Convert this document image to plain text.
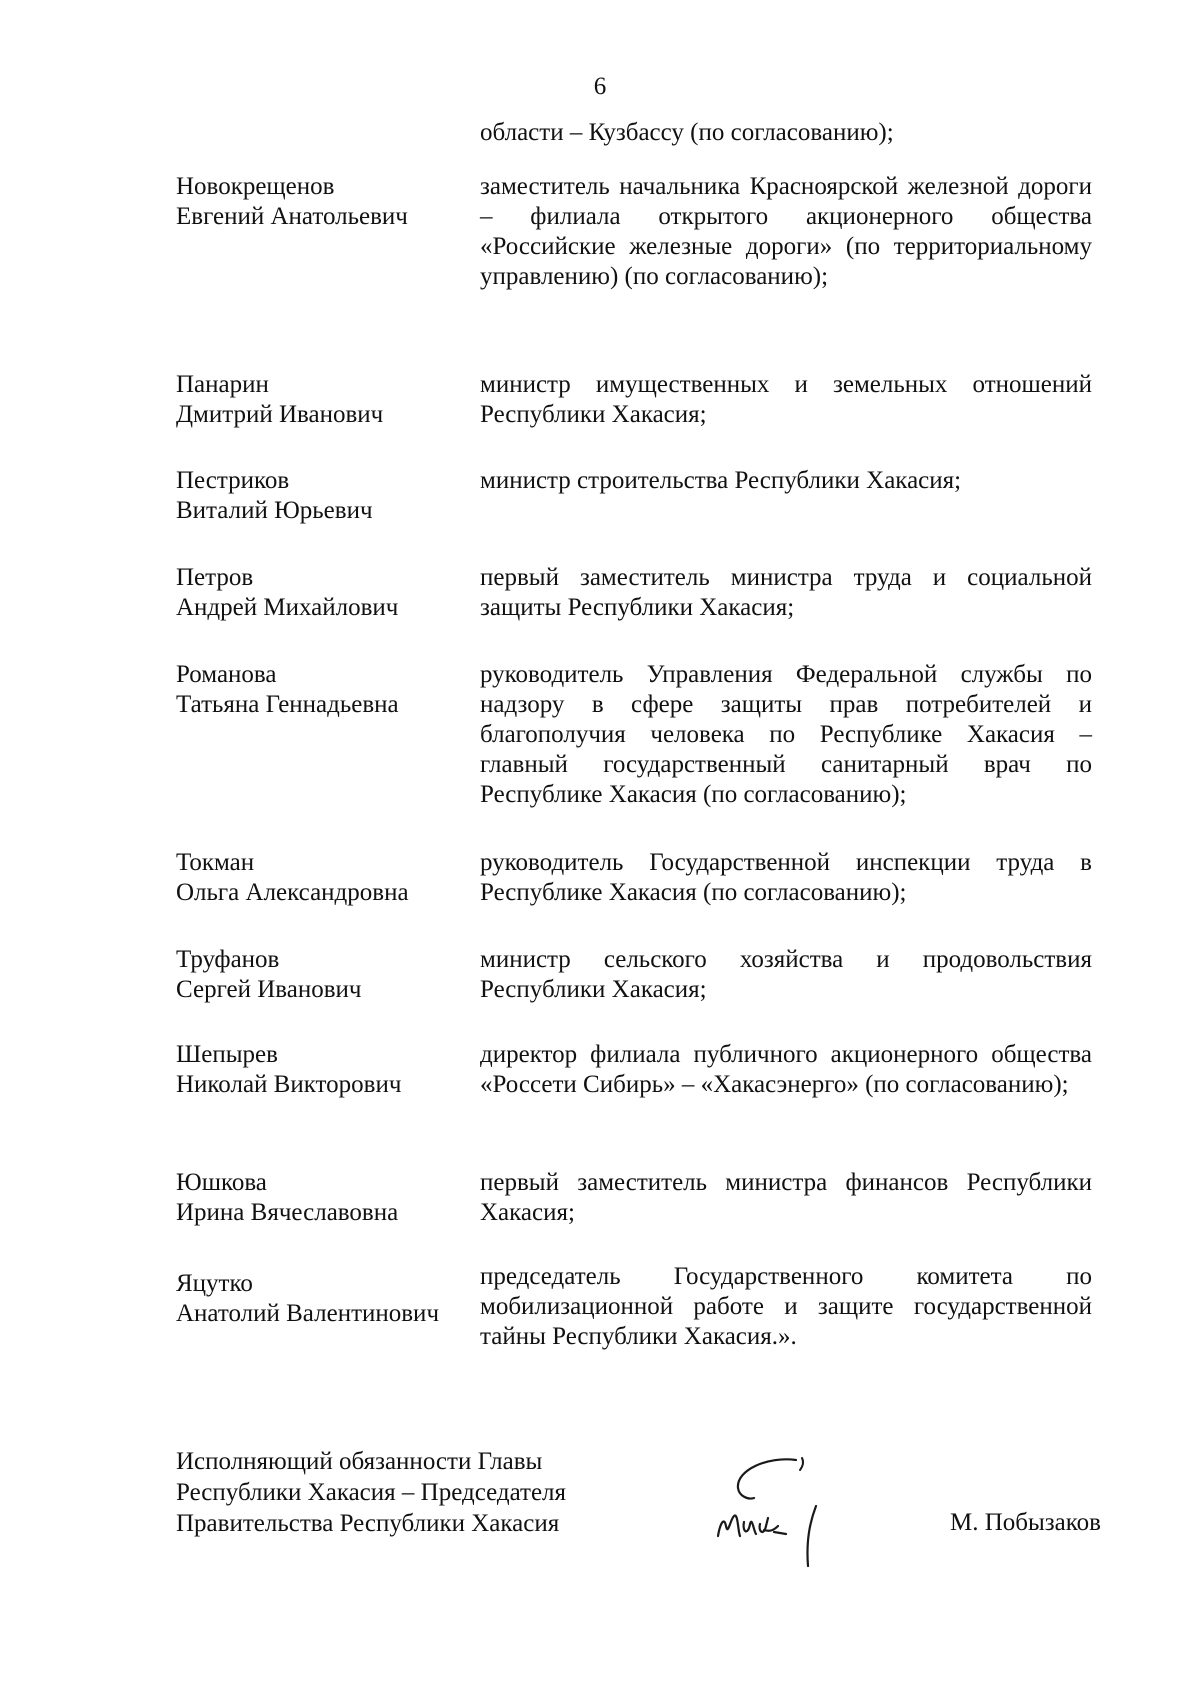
6
области – Кузбассу (по согласованию);
Новокрещенов
Евгений Анатольевич
заместитель начальника Красноярской железной дороги – филиала открытого акционерного общества «Российские железные дороги» (по территориальному управлению) (по согласованию);
Панарин
Дмитрий Иванович
министр имущественных и земельных отношений Республики Хакасия;
Пестриков
Виталий Юрьевич
министр строительства Республики Хакасия;
Петров
Андрей Михайлович
первый заместитель министра труда и социальной защиты Республики Хакасия;
Романова
Татьяна Геннадьевна
руководитель Управления Федеральной службы по надзору в сфере защиты прав потребителей и благополучия человека по Республике Хакасия – главный государственный санитарный врач по Республике Хакасия (по согласованию);
Токман
Ольга Александровна
руководитель Государственной инспекции труда в Республике Хакасия (по согласованию);
Труфанов
Сергей Иванович
министр сельского хозяйства и продовольствия Республики Хакасия;
Шепырев
Николай Викторович
директор филиала публичного акционерного общества «Россети Сибирь» – «Хакасэнерго» (по согласованию);
Юшкова
Ирина Вячеславовна
первый заместитель министра финансов Республики Хакасия;
Яцутко
Анатолий Валентинович
председатель Государственного комитета по мобилизационной работе и защите государственной тайны Республики Хакасия.».
Исполняющий обязанности Главы
Республики Хакасия – Председателя
Правительства Республики Хакасия	М. Побызаков
